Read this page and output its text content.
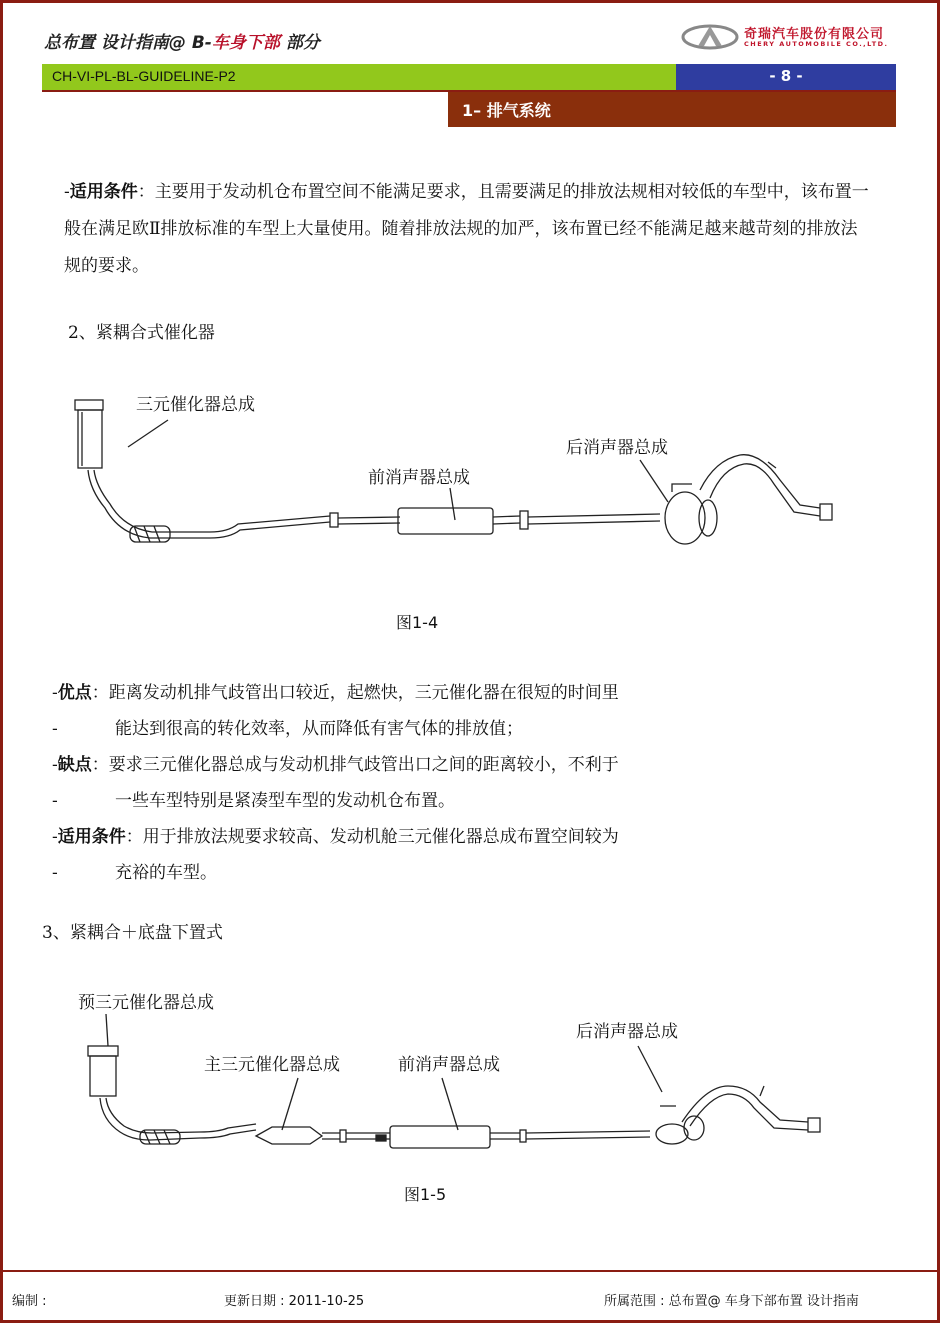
总布置 设计指南@ B-车身下部 部分	奇瑞汽车股份有限公司
CHERY AUTOMOBILE CO.,LTD.
CH-VI-PL-BL-GUIDELINE-P2	- 8 -
1– 排气系统
-适用条件：主要用于发动机仓布置空间不能满足要求，且需要满足的排放法规相对较低的车型中，该布置一般在满足欧Ⅱ排放标准的车型上大量使用。随着排放法规的加严，该布置已经不能满足越来越苛刻的排放法规的要求。
2、紧耦合式催化器
三元催化器总成
前消声器总成
后消声器总成
图1-4
-优点：距离发动机排气歧管出口较近，起燃快，三元催化器在很短的时间里
-	能达到很高的转化效率，从而降低有害气体的排放值；
-缺点：要求三元催化器总成与发动机排气歧管出口之间的距离较小，不利于
-	一些车型特别是紧凑型车型的发动机仓布置。
-适用条件：用于排放法规要求较高、发动机舱三元催化器总成布置空间较为
-	充裕的车型。
3、紧耦合＋底盘下置式
预三元催化器总成
主三元催化器总成	前消声器总成
后消声器总成
图1-5
编制 :	更新日期 : 2011-10-25	所属范围 : 总布置@ 车身下部布置 设计指南
